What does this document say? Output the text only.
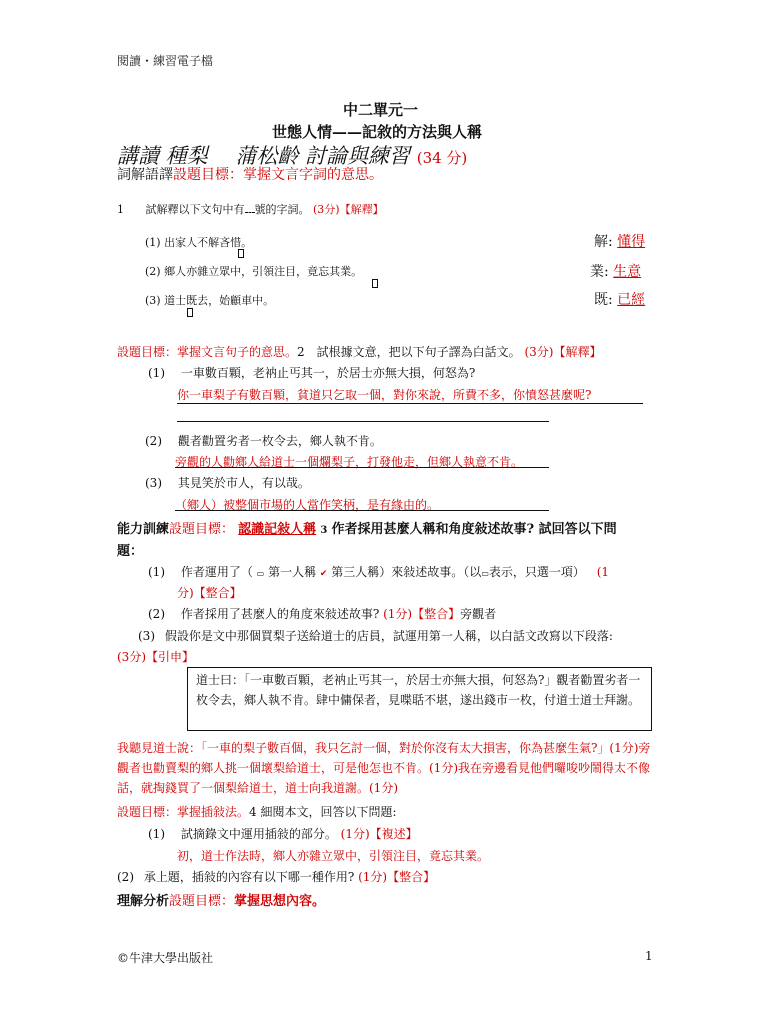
閱讀・練習電子檔
中二單元一
世態人情——記敘的方法與人稱
講讀 種梨　 蒲松齡 討論與練習 (34 分)
詞解語譯設題目標：掌握文言字詞的意思。
1 試解釋以下文句中有 號的字詞。 (3分)【解釋】
(1) 出家人不解吝惜。	解: 懂得
(2) 鄉人亦雜立眾中，引領注目，竟忘其業。	業: 生意
(3) 道士既去，始顧車中。	既: 已經
設題目標：掌握文言句子的意思。2　試根據文意，把以下句子譯為白話文。 (3分)【解釋】
(1) 一車數百顆，老衲止丐其一，於居士亦無大損，何怒為?
你一車梨子有數百顆，貧道只乞取一個，對你來說，所費不多，你憤怒甚麼呢?
(2) 觀者勸置劣者一枚令去，鄉人執不肯。
旁觀的人勸鄉人給道士一個爛梨子，打發他走，但鄉人執意不肯。
(3) 其見笑於市人，有以哉。
（鄉人）被整個市場的人當作笑柄，是有緣由的。
能力訓練設題目標： 認識記敍人稱 3 作者採用甚麼人稱和角度敍述故事? 試回答以下問
題：
(1) 作者運用了（ ▭ 第一人稱 ✔ 第三人稱）來敍述故事。（以▭表示，只選一項） (1
分)【整合】
(2) 作者採用了甚麼人的角度來敍述故事? (1分)【整合】旁觀者
(3) 假設你是文中那個買梨子送給道士的店員，試運用第一人稱，以白話文改寫以下段落:
(3分)【引申】
道士曰：「一車數百顆，老衲止丐其一，於居士亦無大損，何怒為?」觀者勸置劣者一枚令去，鄉人執不肯。肆中傭保者，見喋聒不堪，遂出錢市一枚，付道士道士拜謝。
我聽見道士說：「一車的梨子數百個，我只乞討一個，對於你沒有太大損害，你為甚麼生氣?」(1分)旁觀者也勸賣梨的鄉人挑一個壞梨給道士，可是他怎也不肯。(1分)我在旁邊看見他們囉唆吵鬧得太不像話，就掏錢買了一個梨給道士，道士向我道謝。(1分)
設題目標：掌握插敍法。4 細閱本文，回答以下問題:
(1) 試摘錄文中運用插敍的部分。 (1分)【複述】
初，道士作法時，鄉人亦雜立眾中，引領注目，竟忘其業。
(2) 承上題，插敍的內容有以下哪一種作用? (1分)【整合】
理解分析設題目標：掌握思想內容。
©牛津大學出版社	1
